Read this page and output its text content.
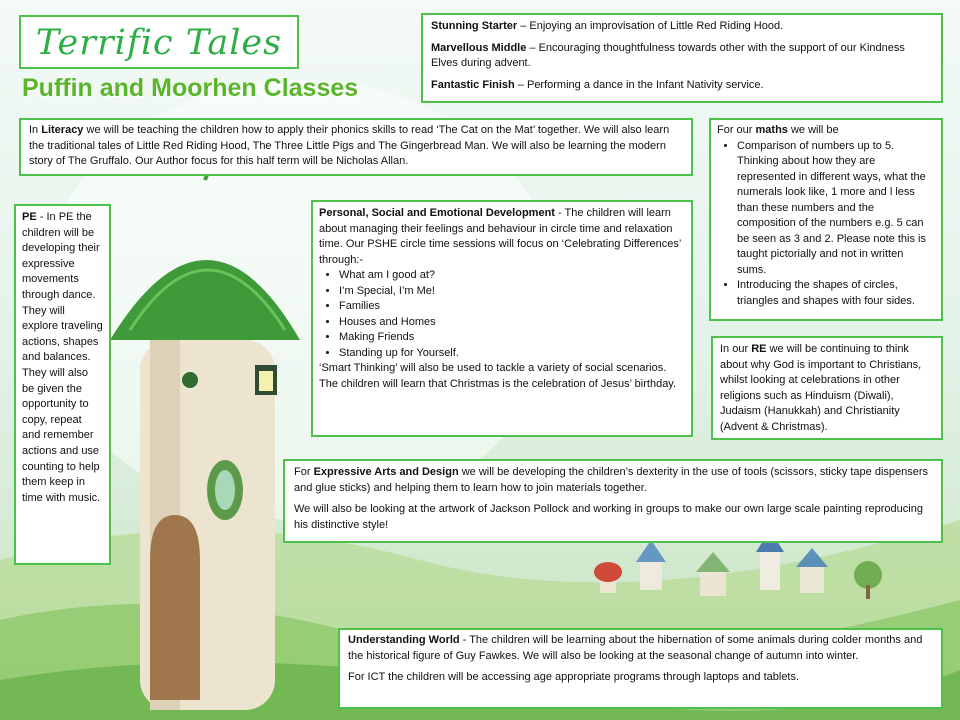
Terrific Tales
Puffin and Moorhen Classes

Stunning Starter – Enjoying an improvisation of Little Red Riding Hood.

Marvellous Middle – Encouraging thoughtfulness towards other with the support of our Kindness Elves during advent.

Fantastic Finish – Performing a dance in the Infant Nativity service.

In Literacy we will be teaching the children how to apply their phonics skills to read ‘The Cat on the Mat’ together. We will also learn the traditional tales of Little Red Riding Hood, The Three Little Pigs and The Gingerbread Man. We will also be learning the modern story of The Gruffalo. Our Author focus for this half term will be Nicholas Allan.

For our maths we will be

• Comparison of numbers up to 5. Thinking about how they are represented in different ways, what the numerals look like, 1 more and l less than these numbers and the composition of the numbers e.g. 5 can be seen as 3 and 2. Please note this is taught pictorially and not in written sums.
• Introducing the shapes of circles, triangles and shapes with four sides.

PE - In PE the children will be developing their expressive movements through dance. They will explore traveling actions, shapes and balances. They will also be given the opportunity to copy, repeat and remember actions and use counting to help them keep in time with music.

Personal, Social and Emotional Development - The children will learn about managing their feelings and behaviour in circle time and relaxation time. Our PSHE circle time sessions will focus on ‘Celebrating Differences’ through:-

• What am I good at?
• I’m Special, I’m Me!
• Families
• Houses and Homes
• Making Friends
• Standing up for Yourself.

‘Smart Thinking’ will also be used to tackle a variety of social scenarios.

The children will learn that Christmas is the celebration of Jesus’ birthday.

In our RE we will be continuing to think about why God is important to Christians, whilst looking at celebrations in other religions such as Hinduism (Diwali), Judaism (Hanukkah) and Christianity (Advent & Christmas).

For Expressive Arts and Design we will be developing the children’s dexterity in the use of tools (scissors, sticky tape dispensers and glue sticks) and helping them to learn how to join materials together.

We will also be looking at the artwork of Jackson Pollock and working in groups to make our own large scale painting reproducing his distinctive style!

Understanding World - The children will be learning about the hibernation of some animals during colder months and the historical figure of Guy Fawkes. We will also be looking at the seasonal change of autumn into winter.

For ICT the children will be accessing age appropriate programs through laptops and tablets.
